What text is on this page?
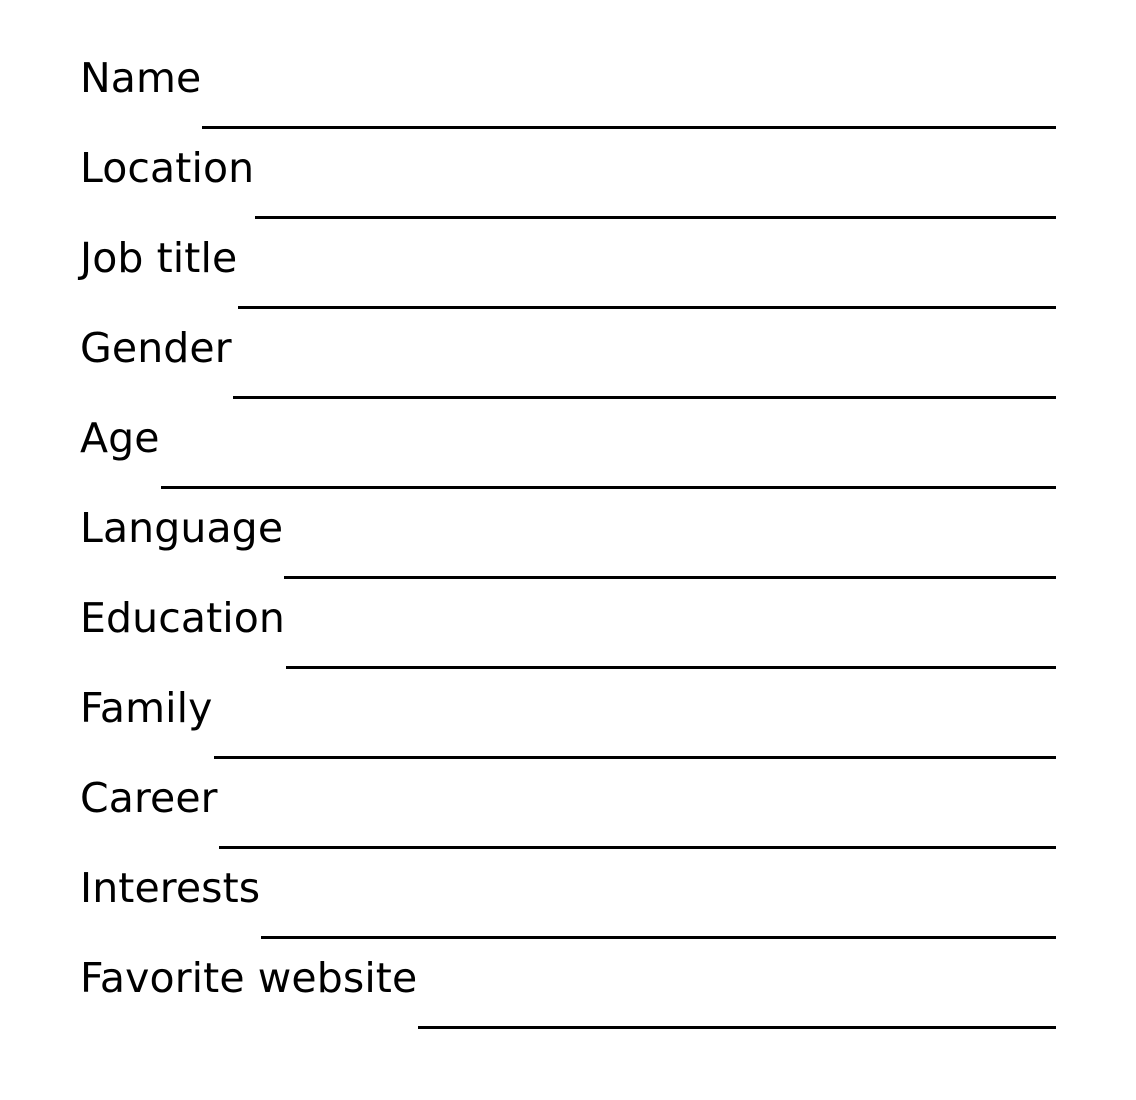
Name
Location
Job title
Gender
Age
Language
Education
Family
Career
Interests
Favorite website
